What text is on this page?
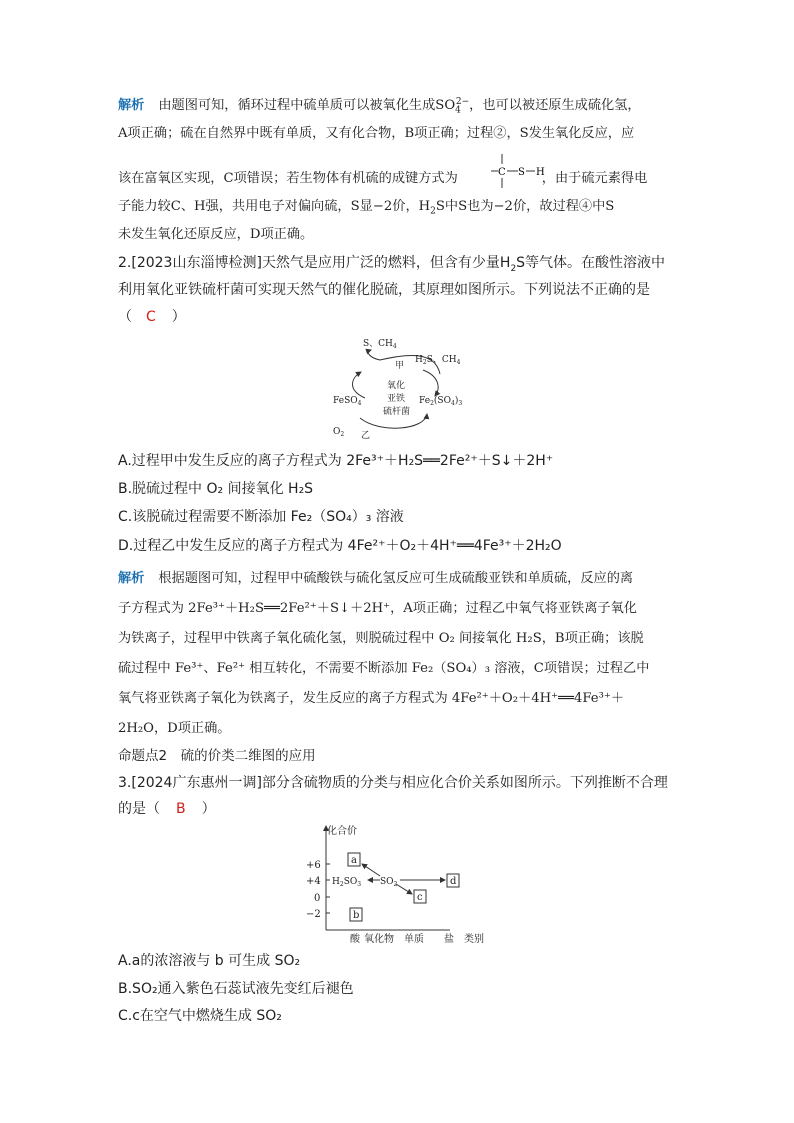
解析 由题图可知，循环过程中硫单质可以被氧化生成$SO_4^{2-}$，也可以被还原生成硫化氢，
A项正确；硫在自然界中既有单质，又有化合物，B项正确；过程②，S发生氧化反应，应
该在富氧区实现，C项错误；若生物体有机硫的成键方式为	，由于硫元素得电
C S H
子能力较C、H强，共用电子对偏向硫，S显−2价，$H_2S$中S也为−2价，故过程④中S
未发生氧化还原反应，D项正确。
2.[2023山东淄博检测]天然气是应用广泛的燃料，但含有少量$H_2S$等气体。在酸性溶液中
利用氧化亚铁硫杆菌可实现天然气的催化脱硫，其原理如图所示。下列说法不正确的是
（ C ）
S、$CH_4$
甲
$H_2S$、$CH_4$
氧化
亚铁
硫杆菌
FeSO$_4$	$Fe_2(SO_4)_3$
$O_2$ 乙
A.过程甲中发生反应的离子方程式为 2Fe³⁺＋H₂S══2Fe²⁺＋S↓＋2H⁺
B.脱硫过程中 O₂ 间接氧化 H₂S
C.该脱硫过程需要不断添加 Fe₂（SO₄）₃ 溶液
D.过程乙中发生反应的离子方程式为 4Fe²⁺＋O₂＋4H⁺══4Fe³⁺＋2H₂O
解析 根据题图可知，过程甲中硫酸铁与硫化氢反应可生成硫酸亚铁和单质硫，反应的离
子方程式为 2Fe³⁺＋H₂S══2Fe²⁺＋S↓＋2H⁺，A项正确；过程乙中氧气将亚铁离子氧化
为铁离子，过程甲中铁离子氧化硫化氢，则脱硫过程中 O₂ 间接氧化 H₂S，B项正确；该脱
硫过程中 Fe³⁺、Fe²⁺ 相互转化，不需要不断添加 Fe₂（SO₄）₃ 溶液，C项错误；过程乙中
氧气将亚铁离子氧化为铁离子，发生反应的离子方程式为 4Fe²⁺＋O₂＋4H⁺══4Fe³⁺＋
2H₂O，D项正确。
命题点2　硫的价类二维图的应用
3.[2024广东惠州一调]部分含硫物质的分类与相应化合价关系如图所示。下列推断不合理
的是（ B ）
化合价
+6
+4
0
−2
酸 氧化物 单质 盐 类别
a
b
c
d
$H_2SO_3$ $SO_2$
A.a的浓溶液与 b 可生成 SO₂
B.SO₂通入紫色石蕊试液先变红后褪色
C.c在空气中燃烧生成 SO₂
